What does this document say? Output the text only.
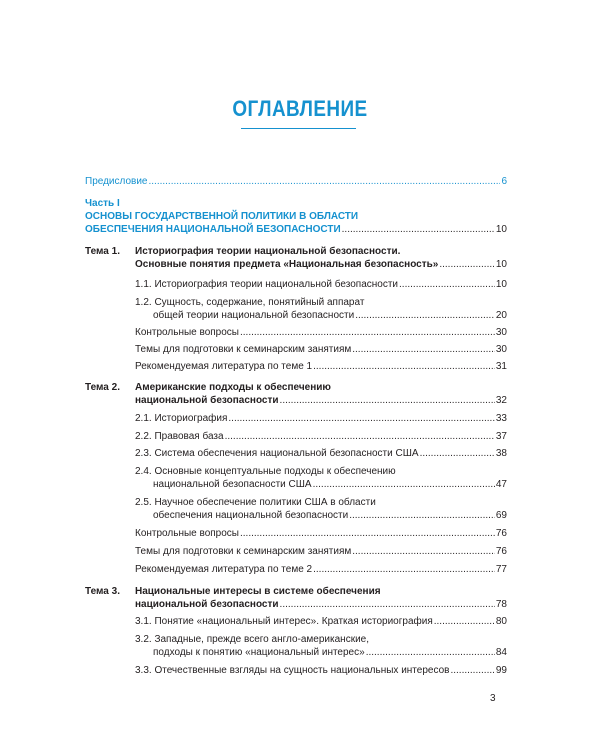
ОГЛАВЛЕНИЕ
Предисловие .....	6
Часть I
ОСНОВЫ ГОСУДАРСТВЕННОЙ ПОЛИТИКИ В ОБЛАСТИ
ОБЕСПЕЧЕНИЯ НАЦИОНАЛЬНОЙ БЕЗОПАСНОСТИ .....	10
Тема 1. Историография теории национальной безопасности.
Основные понятия предмета «Национальная безопасность» .....	10
1.1. Историография теории национальной безопасности .....	10
1.2. Сущность, содержание, понятийный аппарат
общей теории национальной безопасности .....	20
Контрольные вопросы .....	30
Темы для подготовки к семинарским занятиям .....	30
Рекомендуемая литература по теме 1 .....	31
Тема 2. Американские подходы к обеспечению
национальной безопасности .....	32
2.1. Историография .....	33
2.2. Правовая база .....	37
2.3. Система обеспечения национальной безопасности США .....	38
2.4. Основные концептуальные подходы к обеспечению
национальной безопасности США .....	47
2.5. Научное обеспечение политики США в области
обеспечения национальной безопасности .....	69
Контрольные вопросы .....	76
Темы для подготовки к семинарским занятиям .....	76
Рекомендуемая литература по теме 2 .....	77
Тема 3. Национальные интересы в системе обеспечения
национальной безопасности .....	78
3.1. Понятие «национальный интерес». Краткая историография .....	80
3.2. Западные, прежде всего англо-американские,
подходы к понятию «национальный интерес» .....	84
3.3. Отечественные взгляды на сущность национальных интересов .....	99
3
